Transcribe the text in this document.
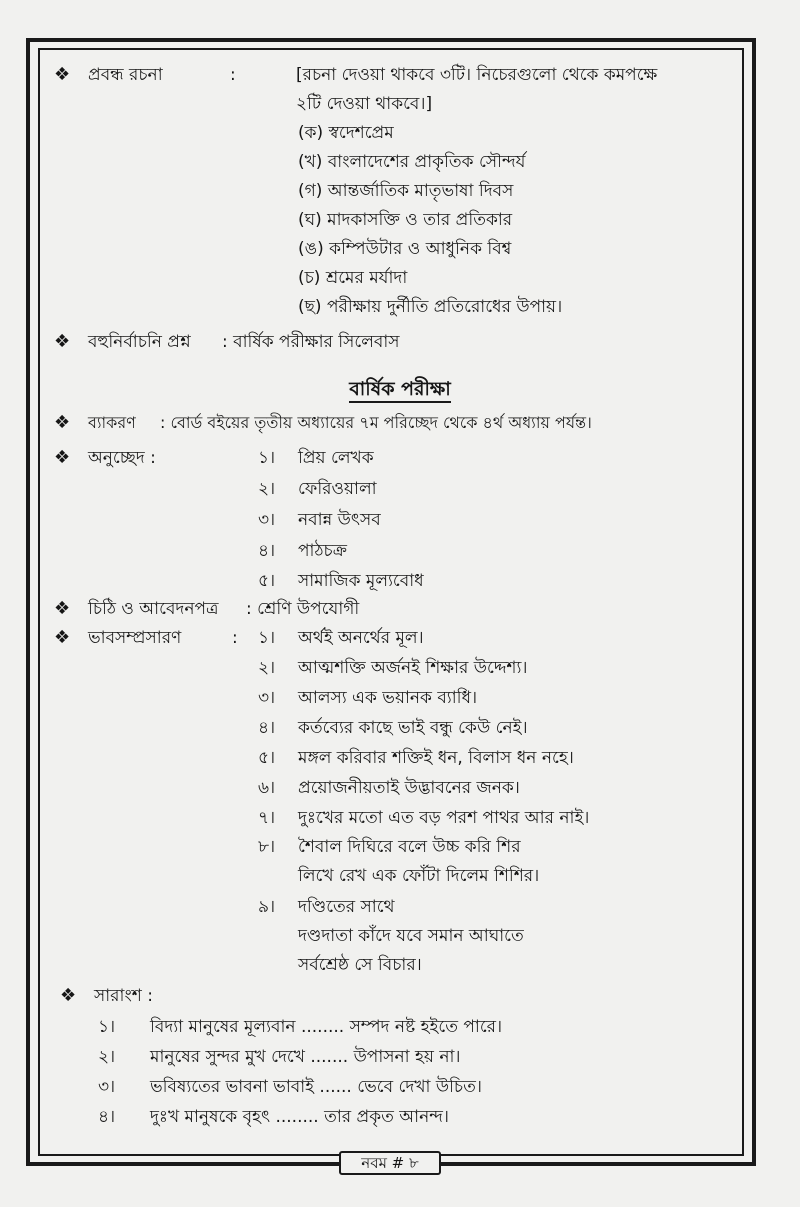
❖ প্রবন্ধ রচনা	:	[রচনা দেওয়া থাকবে ৩টি। নিচেরগুলো থেকে কমপক্ষে
২টি দেওয়া থাকবে।]
(ক) স্বদেশপ্রেম
(খ) বাংলাদেশের প্রাকৃতিক সৌন্দর্য
(গ) আন্তর্জাতিক মাতৃভাষা দিবস
(ঘ) মাদকাসক্তি ও তার প্রতিকার
(ঙ) কম্পিউটার ও আধুনিক বিশ্ব
(চ) শ্রমের মর্যাদা
(ছ) পরীক্ষায় দুর্নীতি প্রতিরোধের উপায়।
❖ বহুনির্বাচনি প্রশ্ন : বার্ষিক পরীক্ষার সিলেবাস
বার্ষিক পরীক্ষা
❖ ব্যাকরণ : বোর্ড বইয়ের তৃতীয় অধ্যায়ের ৭ম পরিচ্ছেদ থেকে ৪র্থ অধ্যায় পর্যন্ত।
❖ অনুচ্ছেদ :	১। প্রিয় লেখক
২। ফেরিওয়ালা
৩। নবান্ন উৎসব
৪। পাঠচক্র
৫। সামাজিক মূল্যবোধ
❖ চিঠি ও আবেদনপত্র : শ্রেণি উপযোগী
❖ ভাবসম্প্রসারণ	: ১। অর্থই অনর্থের মূল।
২। আত্মশক্তি অর্জনই শিক্ষার উদ্দেশ্য।
৩। আলস্য এক ভয়ানক ব্যাধি।
৪। কর্তব্যের কাছে ভাই বন্ধু কেউ নেই।
৫। মঙ্গল করিবার শক্তিই ধন, বিলাস ধন নহে।
৬। প্রয়োজনীয়তাই উদ্ভাবনের জনক।
৭। দুঃখের মতো এত বড় পরশ পাথর আর নাই।
৮। শৈবাল দিঘিরে বলে উচ্চ করি শির
লিখে রেখ এক ফোঁটা দিলেম শিশির।
৯। দণ্ডিতের সাথে
দণ্ডদাতা কাঁদে যবে সমান আঘাতে
সর্বশ্রেষ্ঠ সে বিচার।
❖ সারাংশ :
১। বিদ্যা মানুষের মূল্যবান ........ সম্পদ নষ্ট হইতে পারে।
২। মানুষের সুন্দর মুখ দেখে ....... উপাসনা হয় না।
৩। ভবিষ্যতের ভাবনা ভাবাই ...... ভেবে দেখা উচিত।
৪। দুঃখ মানুষকে বৃহৎ ........ তার প্রকৃত আনন্দ।
নবম # ৮
